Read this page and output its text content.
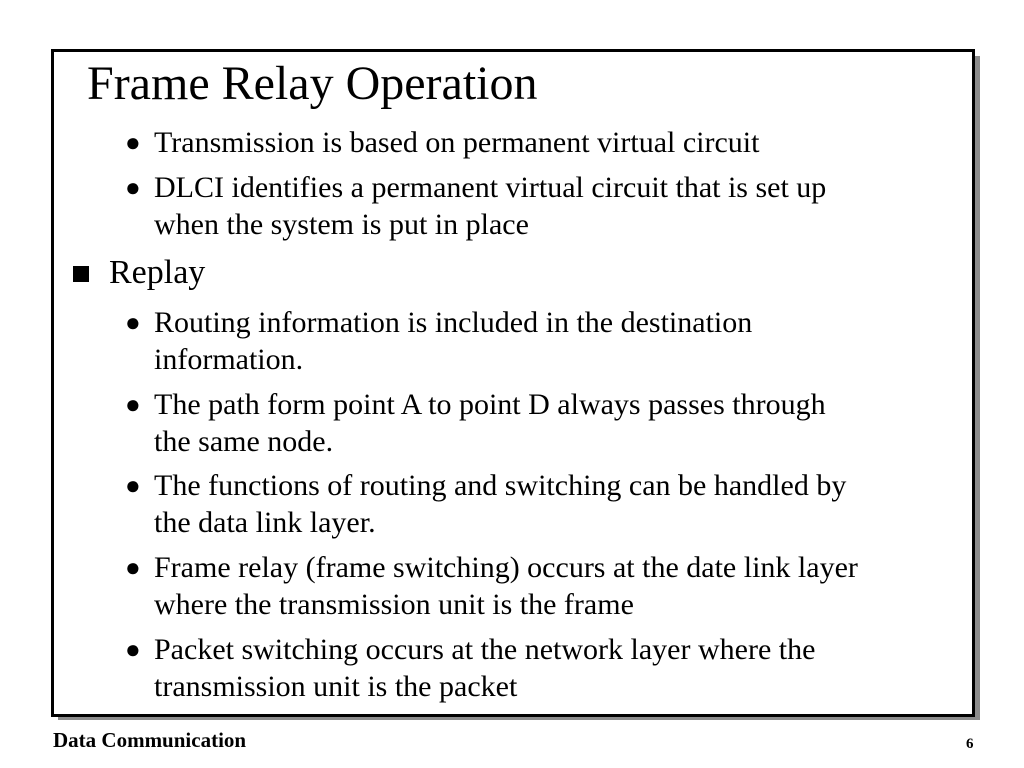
Frame Relay Operation
● Transmission is based on permanent virtual circuit
● DLCI identifies a permanent virtual circuit that is set up
when the system is put in place
Replay
● Routing information is included in the destination
information.
● The path form point A to point D always passes through
the same node.
● The functions of routing and switching can be handled by
the data link layer.
● Frame relay (frame switching) occurs at the date link layer
where the transmission unit is the frame
● Packet switching occurs at the network layer where the
transmission unit is the packet
Data Communication	6
